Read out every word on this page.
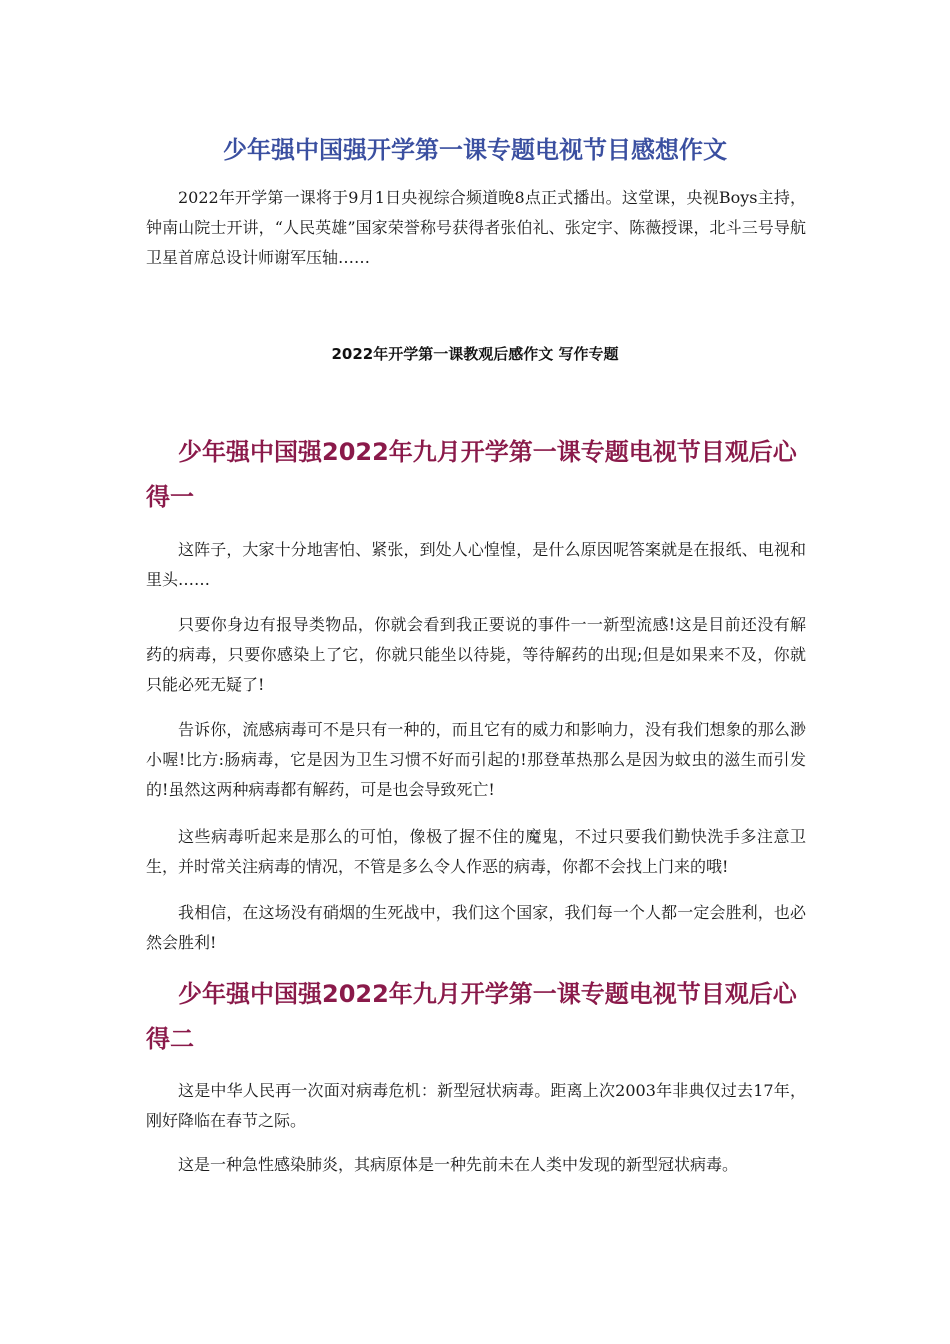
少年强中国强开学第一课专题电视节目感想作文

2022年开学第一课将于9月1日央视综合频道晚8点正式播出。这堂课，央视Boys主持，钟南山院士开讲，“人民英雄”国家荣誉称号获得者张伯礼、张定宇、陈薇授课，北斗三号导航卫星首席总设计师谢军压轴……

2022年开学第一课教观后感作文 写作专题
少年强中国强2022年九月开学第一课专题电视节目观后心得一

这阵子，大家十分地害怕、紧张，到处人心惶惶，是什么原因呢答案就是在报纸、电视和里头……

只要你身边有报导类物品，你就会看到我正要说的事件一一新型流感!这是目前还没有解药的病毒，只要你感染上了它，你就只能坐以待毙，等待解药的出现;但是如果来不及，你就只能必死无疑了!

告诉你，流感病毒可不是只有一种的，而且它有的威力和影响力，没有我们想象的那么渺小喔!比方:肠病毒，它是因为卫生习惯不好而引起的!那登革热那么是因为蚊虫的滋生而引发的!虽然这两种病毒都有解药，可是也会导致死亡!

这些病毒听起来是那么的可怕，像极了握不住的魔鬼，不过只要我们勤快洗手多注意卫生，并时常关注病毒的情况，不管是多么令人作恶的病毒，你都不会找上门来的哦!

我相信，在这场没有硝烟的生死战中，我们这个国家，我们每一个人都一定会胜利，也必然会胜利!

少年强中国强2022年九月开学第一课专题电视节目观后心得二

这是中华人民再一次面对病毒危机：新型冠状病毒。距离上次2003年非典仅过去17年，刚好降临在春节之际。

这是一种急性感染肺炎，其病原体是一种先前未在人类中发现的新型冠状病毒。
